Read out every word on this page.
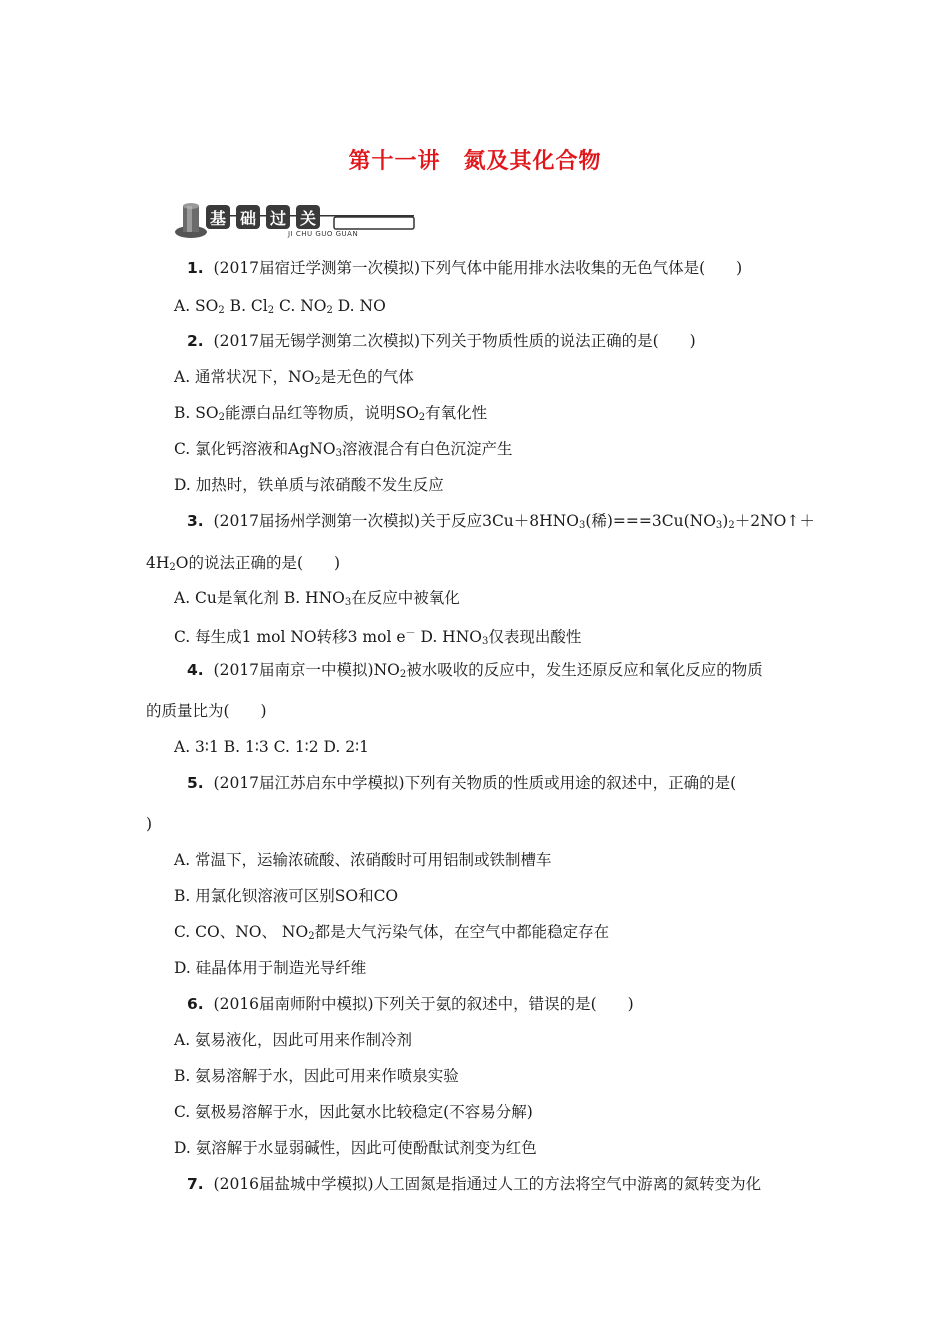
第十一讲　氮及其化合物
基 础 过 关
JI CHU GUO GUAN
1. (2017届宿迁学测第一次模拟)下列气体中能用排水法收集的无色气体是(　　)
A. $SO_2$ B. $Cl_2$ C. $NO_2$ D. NO
2. (2017届无锡学测第二次模拟)下列关于物质性质的说法正确的是(　　)
A. 通常状况下，$NO_2$是无色的气体
B. $SO_2$能漂白品红等物质，说明$SO_2$有氧化性
C. 氯化钙溶液和AgNO$_3$溶液混合有白色沉淀产生
D. 加热时，铁单质与浓硝酸不发生反应
3. (2017届扬州学测第一次模拟)关于反应$3Cu+8HNO_3$(稀)$===3Cu(NO_3)_2+2NO↑+$
$4H_2O$的说法正确的是(　　)
A. Cu是氧化剂 B. $HNO_3$在反应中被氧化
C. 每生成1 mol NO转移3 mol e－ D. $HNO_3$仅表现出酸性
4. (2017届南京一中模拟)$NO_2$被水吸收的反应中，发生还原反应和氧化反应的物质
的质量比为(　　)
A. 3∶1 B. 1∶3 C. 1∶2 D. 2∶1
5. (2017届江苏启东中学模拟)下列有关物质的性质或用途的叙述中，正确的是(
)
A. 常温下，运输浓硫酸、浓硝酸时可用铝制或铁制槽车
B. 用氯化钡溶液可区别SO和CO
C. CO、NO、 $NO_2$都是大气污染气体，在空气中都能稳定存在
D. 硅晶体用于制造光导纤维
6. (2016届南师附中模拟)下列关于氨的叙述中，错误的是(　　)
A. 氨易液化，因此可用来作制冷剂
B. 氨易溶解于水，因此可用来作喷泉实验
C. 氨极易溶解于水，因此氨水比较稳定(不容易分解)
D. 氨溶解于水显弱碱性，因此可使酚酞试剂变为红色
7. (2016届盐城中学模拟)人工固氮是指通过人工的方法将空气中游离的氮转变为化
